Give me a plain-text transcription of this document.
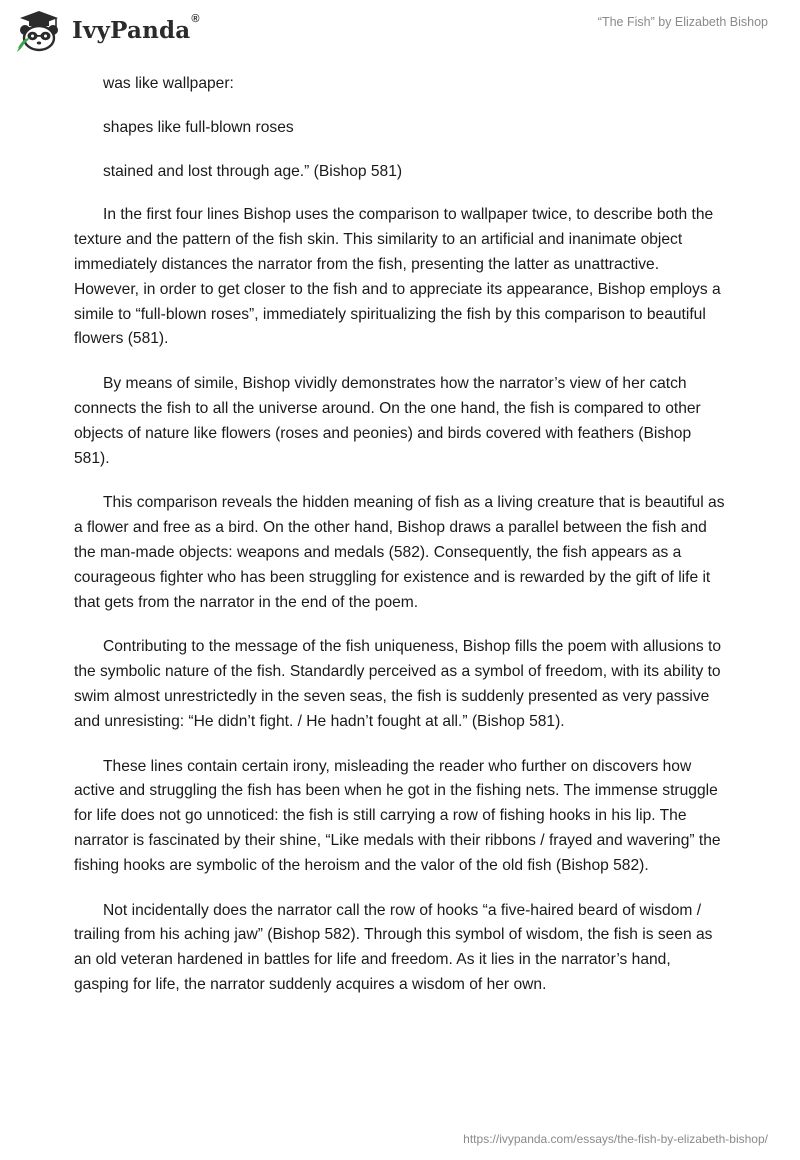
IvyPanda®	“The Fish” by Elizabeth Bishop

was like wallpaper:

shapes like full-blown roses

stained and lost through age.” (Bishop 581)

In the first four lines Bishop uses the comparison to wallpaper twice, to describe both the texture and the pattern of the fish skin. This similarity to an artificial and inanimate object immediately distances the narrator from the fish, presenting the latter as unattractive. However, in order to get closer to the fish and to appreciate its appearance, Bishop employs a simile to “full-blown roses”, immediately spiritualizing the fish by this comparison to beautiful flowers (581).

By means of simile, Bishop vividly demonstrates how the narrator’s view of her catch connects the fish to all the universe around. On the one hand, the fish is compared to other objects of nature like flowers (roses and peonies) and birds covered with feathers (Bishop 581).

This comparison reveals the hidden meaning of fish as a living creature that is beautiful as a flower and free as a bird. On the other hand, Bishop draws a parallel between the fish and the man-made objects: weapons and medals (582). Consequently, the fish appears as a courageous fighter who has been struggling for existence and is rewarded by the gift of life it that gets from the narrator in the end of the poem.

Contributing to the message of the fish uniqueness, Bishop fills the poem with allusions to the symbolic nature of the fish. Standardly perceived as a symbol of freedom, with its ability to swim almost unrestrictedly in the seven seas, the fish is suddenly presented as very passive and unresisting: “He didn’t fight. / He hadn’t fought at all.” (Bishop 581).

These lines contain certain irony, misleading the reader who further on discovers how active and struggling the fish has been when he got in the fishing nets. The immense struggle for life does not go unnoticed: the fish is still carrying a row of fishing hooks in his lip. The narrator is fascinated by their shine, “Like medals with their ribbons / frayed and wavering” the fishing hooks are symbolic of the heroism and the valor of the old fish (Bishop 582).

Not incidentally does the narrator call the row of hooks “a five-haired beard of wisdom / trailing from his aching jaw” (Bishop 582). Through this symbol of wisdom, the fish is seen as an old veteran hardened in battles for life and freedom. As it lies in the narrator’s hand, gasping for life, the narrator suddenly acquires a wisdom of her own.

https://ivypanda.com/essays/the-fish-by-elizabeth-bishop/
